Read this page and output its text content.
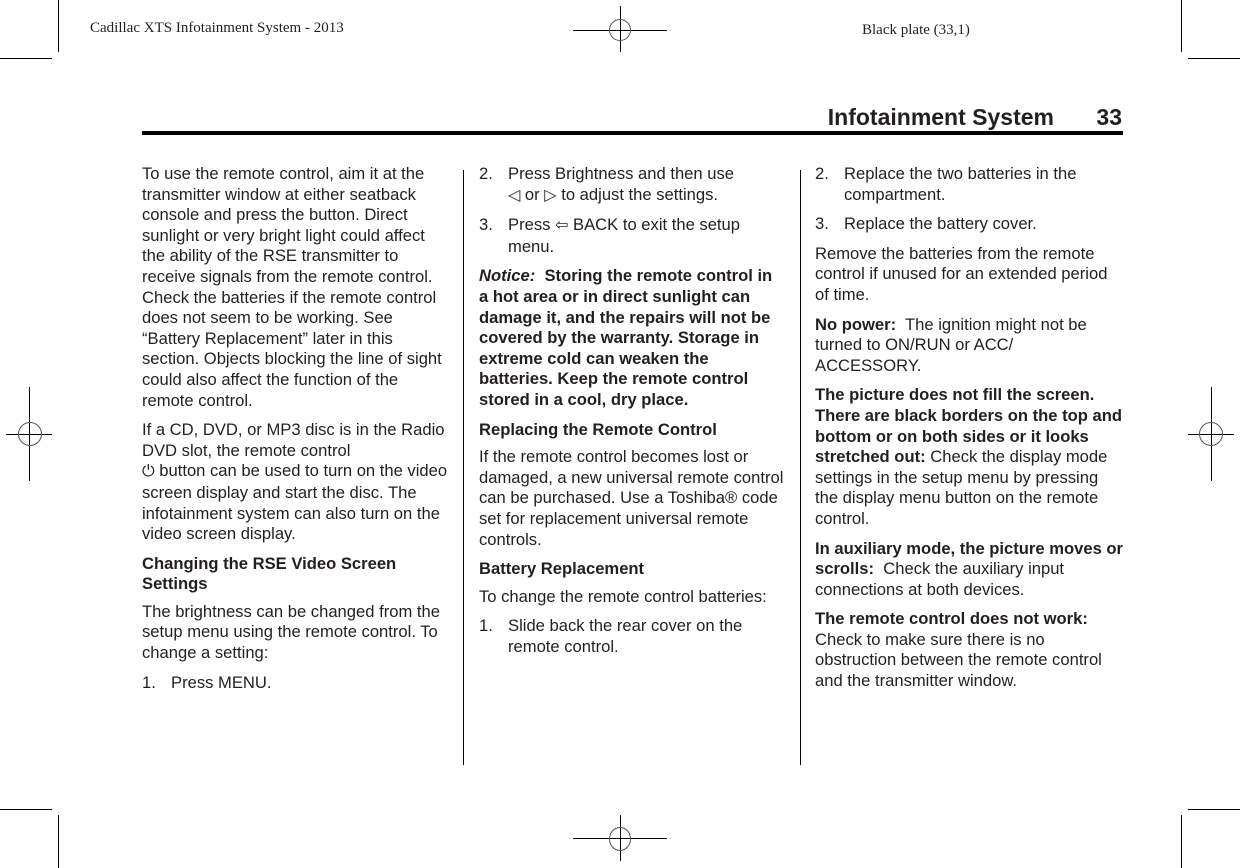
Cadillac XTS Infotainment System - 2013	Black plate (33,1)
Infotainment System 33

To use the remote control, aim it at the transmitter window at either seatback console and press the button. Direct sunlight or very bright light could affect the ability of the RSE transmitter to receive signals from the remote control. Check the batteries if the remote control does not seem to be working. See “Battery Replacement” later in this section. Objects blocking the line of sight could also affect the function of the remote control.

If a CD, DVD, or MP3 disc is in the Radio DVD slot, the remote control
⏻ button can be used to turn on the video screen display and start the disc. The infotainment system can also turn on the video screen display.

Changing the RSE Video Screen Settings

The brightness can be changed from the setup menu using the remote control. To change a setting:

1. Press MENU.
2. Press Brightness and then use
◁ or ▷ to adjust the settings.
3. Press ⇦ BACK to exit the setup menu.

Notice: Storing the remote control in a hot area or in direct sunlight can damage it, and the repairs will not be covered by the warranty. Storage in extreme cold can weaken the batteries. Keep the remote control stored in a cool, dry place.

Replacing the Remote Control

If the remote control becomes lost or damaged, a new universal remote control can be purchased. Use a Toshiba® code set for replacement universal remote controls.

Battery Replacement

To change the remote control batteries:

1. Slide back the rear cover on the remote control.
2. Replace the two batteries in the compartment.
3. Replace the battery cover.

Remove the batteries from the remote control if unused for an extended period of time.

No power: The ignition might not be turned to ON/RUN or ACC/ ACCESSORY.

The picture does not fill the screen. There are black borders on the top and bottom or on both sides or it looks stretched out: Check the display mode settings in the setup menu by pressing the display menu button on the remote control.

In auxiliary mode, the picture moves or scrolls: Check the auxiliary input connections at both devices.

The remote control does not work:  Check to make sure there is no obstruction between the remote control and the transmitter window.
